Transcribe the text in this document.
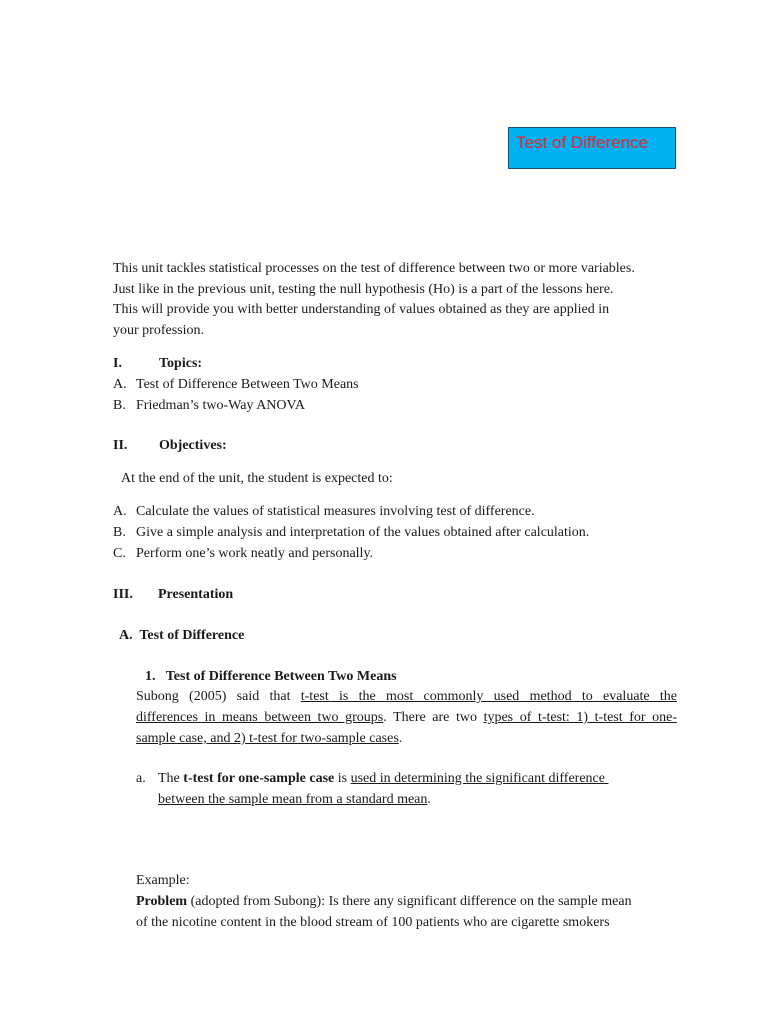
Test of Difference
This unit tackles statistical processes on the test of difference between two or more variables.
Just like in the previous unit, testing the null hypothesis (Ho) is a part of the lessons here.
This will provide you with better understanding of values obtained as they are applied in
your profession.
I.	Topics:
A. Test of Difference Between Two Means
B. Friedman’s two-Way ANOVA
II. Objectives:
At the end of the unit, the student is expected to:
A. Calculate the values of statistical measures involving test of difference.
B. Give a simple analysis and interpretation of the values obtained after calculation.
C. Perform one’s work neatly and personally.
III. Presentation
A.  Test of Difference
1.   Test of Difference Between Two Means
Subong (2005) said that t-test is the most commonly used method to evaluate the
differences in means between two groups. There are two types of t-test: 1) t-test for one-
sample case, and 2) t-test for two-sample cases.
a. The t-test for one-sample case is used in determining the significant difference
between the sample mean from a standard mean.
Example:
Problem (adopted from Subong): Is there any significant difference on the sample mean
of the nicotine content in the blood stream of 100 patients who are cigarette smokers
